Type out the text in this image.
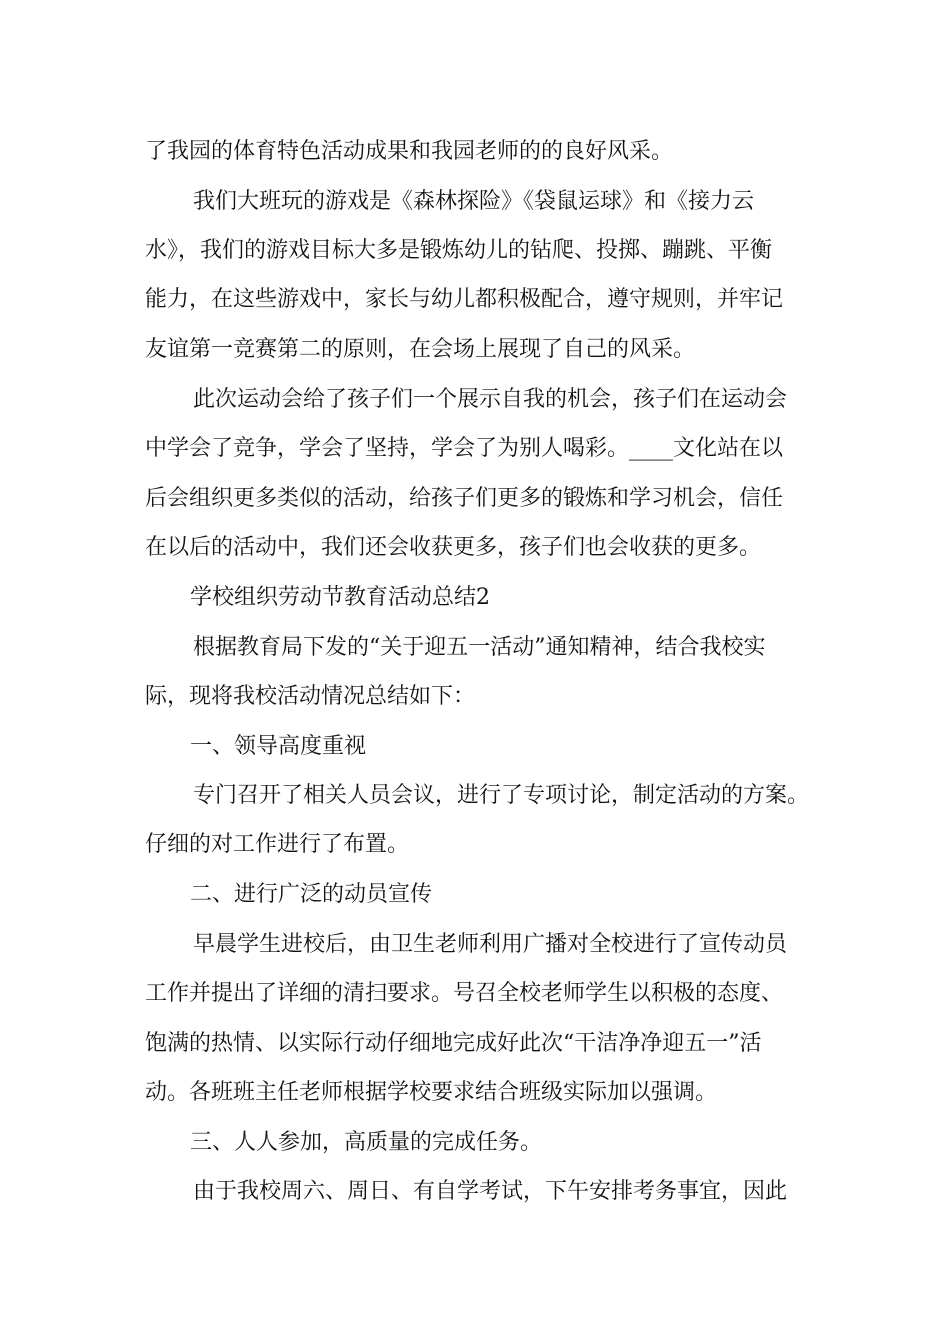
了我园的体育特色活动成果和我园老师的的良好风采。
我们大班玩的游戏是《森林探险》《袋鼠运球》和《接力云
水》，我们的游戏目标大多是锻炼幼儿的钻爬、投掷、蹦跳、平衡
能力，在这些游戏中，家长与幼儿都积极配合，遵守规则，并牢记
友谊第一竞赛第二的原则，在会场上展现了自己的风采。
此次运动会给了孩子们一个展示自我的机会，孩子们在运动会
中学会了竞争，学会了坚持，学会了为别人喝彩。____文化站在以
后会组织更多类似的活动，给孩子们更多的锻炼和学习机会，信任
在以后的活动中，我们还会收获更多，孩子们也会收获的更多。
学校组织劳动节教育活动总结2
根据教育局下发的“关于迎五一活动”通知精神，结合我校实
际，现将我校活动情况总结如下：
一、领导高度重视
专门召开了相关人员会议，进行了专项讨论，制定活动的方案。
仔细的对工作进行了布置。
二、进行广泛的动员宣传
早晨学生进校后，由卫生老师利用广播对全校进行了宣传动员
工作并提出了详细的清扫要求。号召全校老师学生以积极的态度、
饱满的热情、以实际行动仔细地完成好此次“干洁净净迎五一”活
动。各班班主任老师根据学校要求结合班级实际加以强调。
三、人人参加，高质量的完成任务。
由于我校周六、周日、有自学考试，下午安排考务事宜，因此
